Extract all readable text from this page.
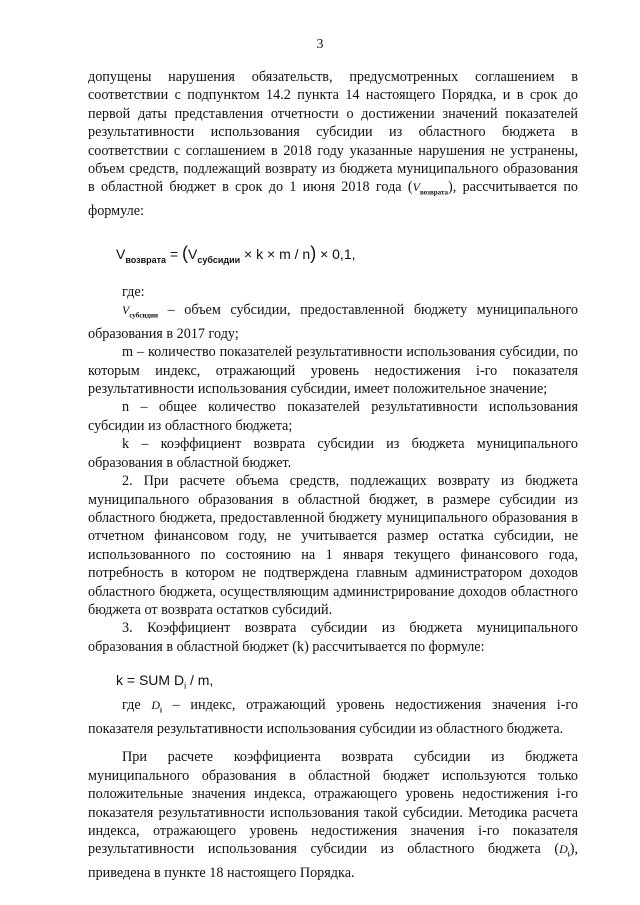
3

допущены нарушения обязательств, предусмотренных соглашением в соответствии с подпунктом 14.2 пункта 14 настоящего Порядка, и в срок до первой даты представления отчетности о достижении значений показателей результативности использования субсидии из областного бюджета в соответствии с соглашением в 2018 году указанные нарушения не устранены, объем средств, подлежащий возврату из бюджета муниципального образования в областной бюджет в срок до 1 июня 2018 года $(V_{возврата})$, рассчитывается по формуле:

$V_{возврата} = (V_{субсидии} \times k \times m / n) \times 0,1$,

где:

$V_{субсидии}$ – объем субсидии, предоставленной бюджету муниципального образования в 2017 году;

m – количество показателей результативности использования субсидии, по которым индекс, отражающий уровень недостижения i-го показателя результативности использования субсидии, имеет положительное значение;

n – общее количество показателей результативности использования субсидии из областного бюджета;

k – коэффициент возврата субсидии из бюджета муниципального образования в областной бюджет.

2. При расчете объема средств, подлежащих возврату из бюджета муниципального образования в областной бюджет, в размере субсидии из областного бюджета, предоставленной бюджету муниципального образования в отчетном финансовом году, не учитывается размер остатка субсидии, не использованного по состоянию на 1 января текущего финансового года, потребность в котором не подтверждена главным администратором доходов областного бюджета, осуществляющим администрирование доходов областного бюджета от возврата остатков субсидий.

3. Коэффициент возврата субсидии из бюджета муниципального образования в областной бюджет (k) рассчитывается по формуле:

k = SUM $D_i$ / m,

где $D_i$ – индекс, отражающий уровень недостижения значения i-го показателя результативности использования субсидии из областного бюджета.

При расчете коэффициента возврата субсидии из бюджета муниципального образования в областной бюджет используются только положительные значения индекса, отражающего уровень недостижения i-го показателя результативности использования такой субсидии. Методика расчета индекса, отражающего уровень недостижения значения i-го показателя результативности использования субсидии из областного бюджета $(D_i)$, приведена в пункте 18 настоящего Порядка.
